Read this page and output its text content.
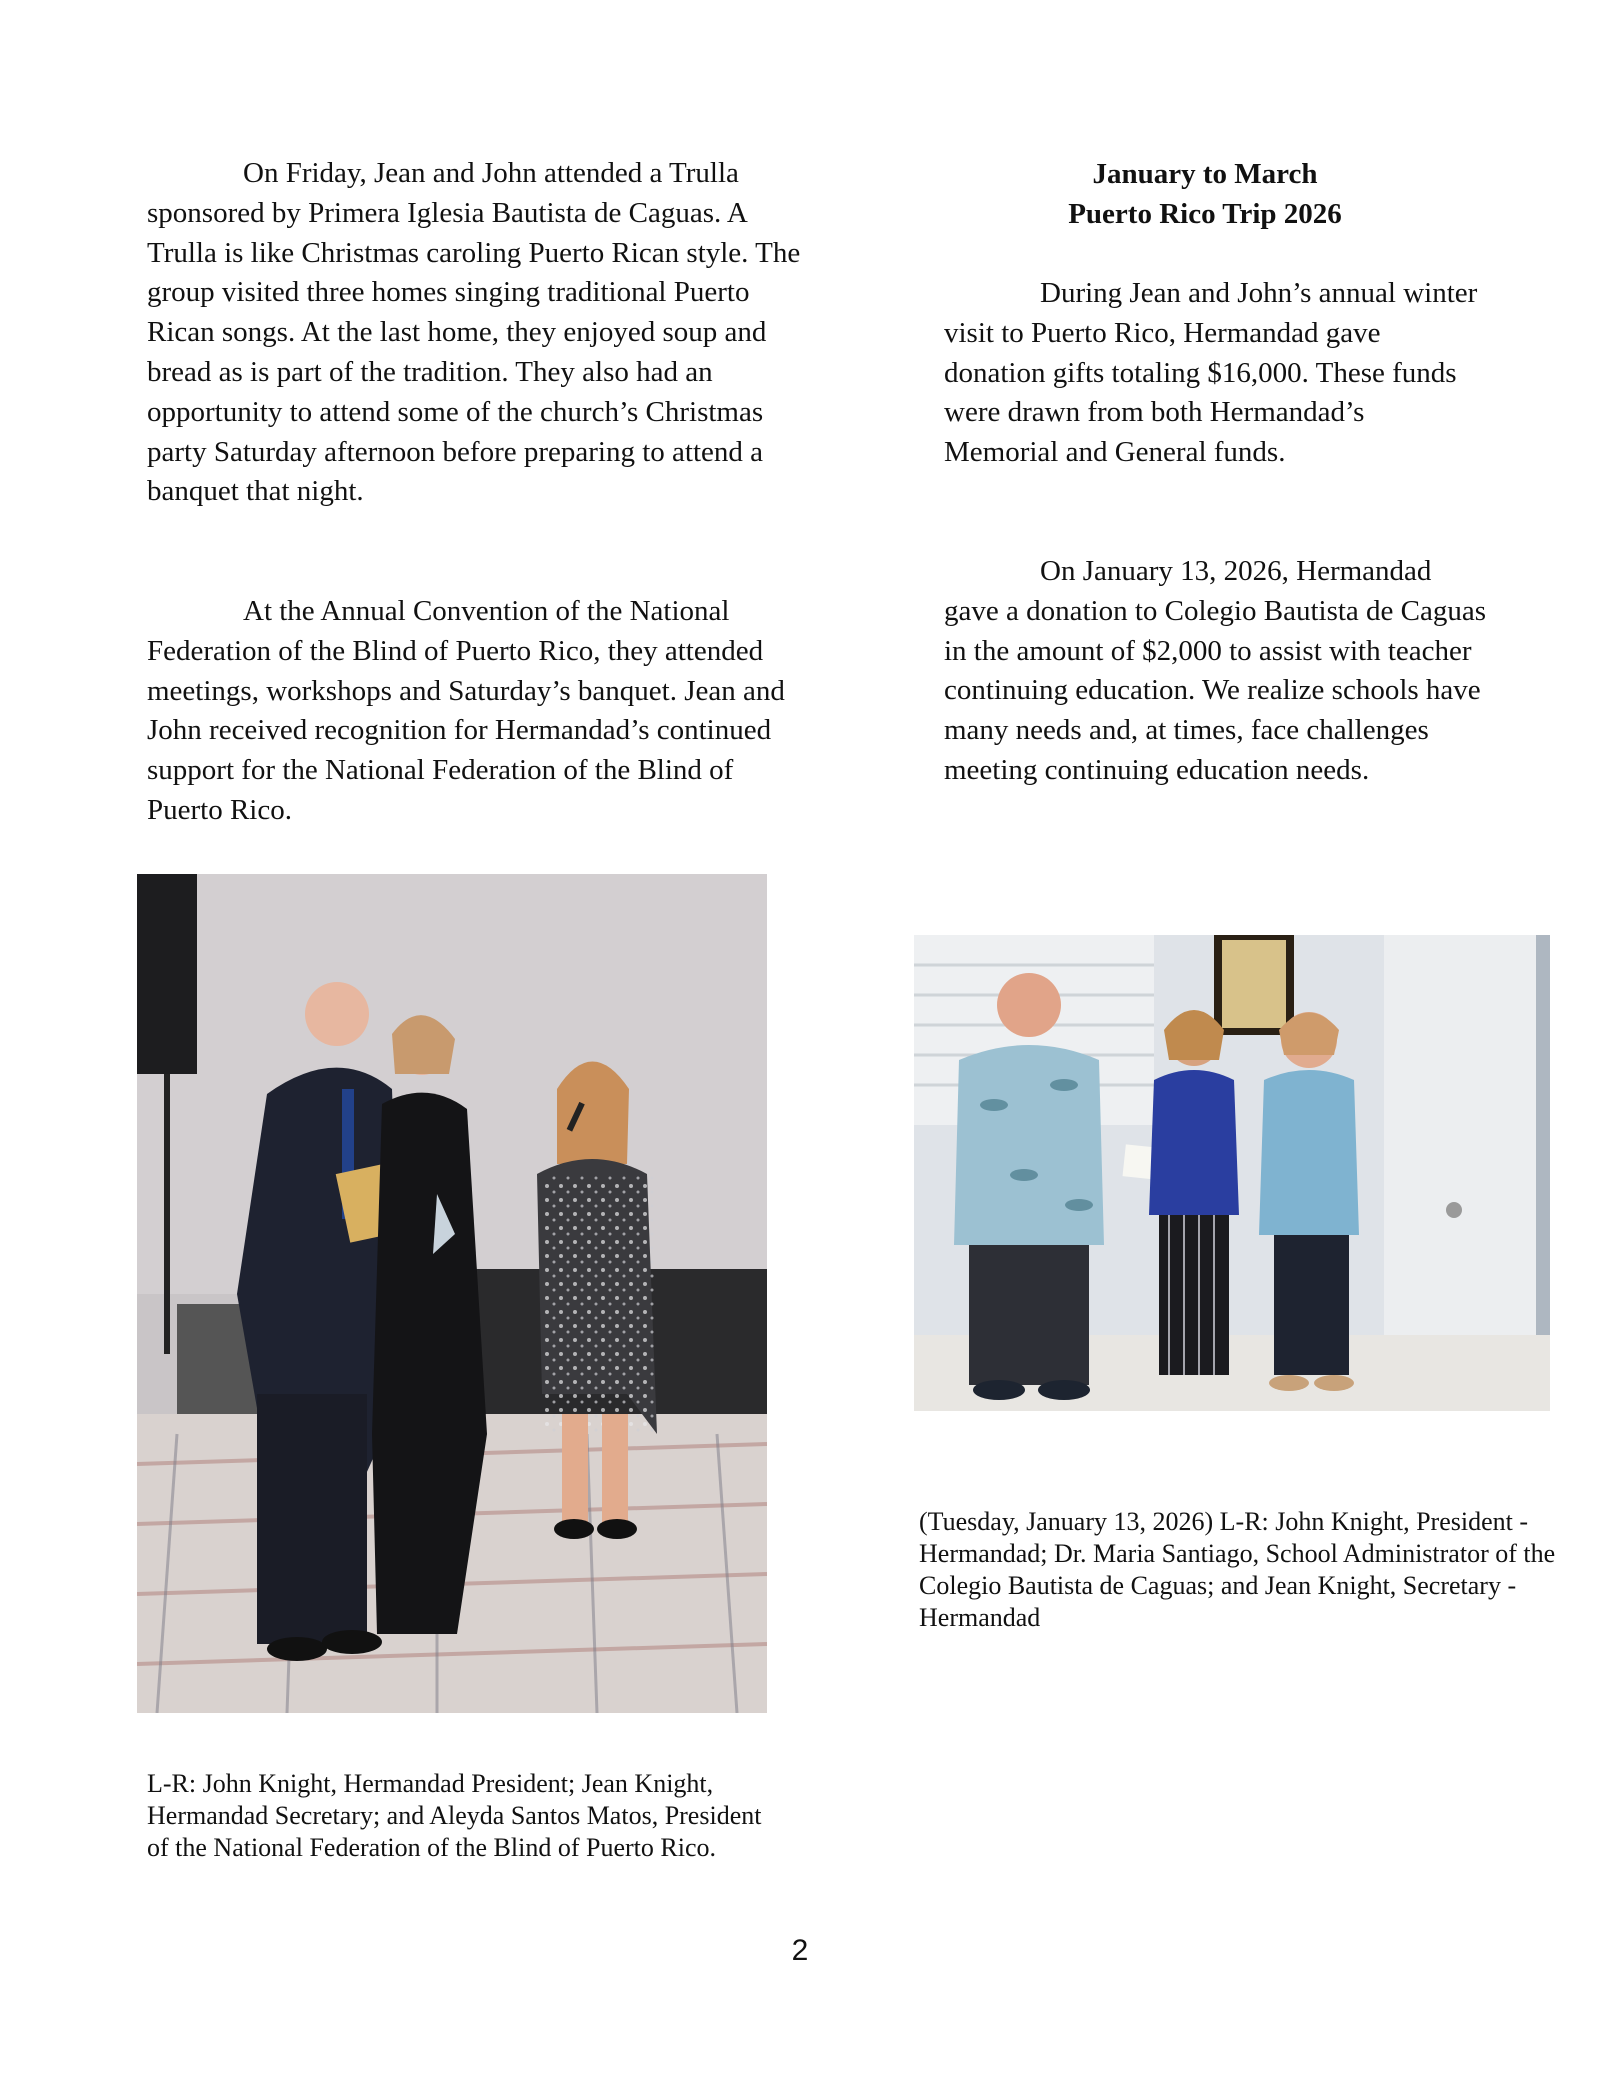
On Friday, Jean and John attended a Trulla sponsored by Primera Iglesia Bautista de Caguas. A Trulla is like Christmas caroling Puerto Rican style. The group visited three homes singing traditional Puerto Rican songs. At the last home, they enjoyed soup and bread as is part of the tradition. They also had an opportunity to attend some of the church’s Christmas party Saturday afternoon before preparing to attend a banquet that night.

At the Annual Convention of the National Federation of the Blind of Puerto Rico, they attended meetings, workshops and Saturday’s banquet. Jean and John received recognition for Hermandad’s continued support for the National Federation of the Blind of Puerto Rico.

L-R: John Knight, Hermandad President; Jean Knight, Hermandad Secretary; and Aleyda Santos Matos, President of the National Federation of the Blind of Puerto Rico.

January to March
Puerto Rico Trip 2026

During Jean and John’s annual winter visit to Puerto Rico, Hermandad gave donation gifts totaling $16,000. These funds were drawn from both Hermandad’s Memorial and General funds.

On January 13, 2026, Hermandad gave a donation to Colegio Bautista de Caguas in the amount of $2,000 to assist with teacher continuing education. We realize schools have many needs and, at times, face challenges meeting continuing education needs.

(Tuesday, January 13, 2026) L-R: John Knight, President - Hermandad; Dr. Maria Santiago, School Administrator of the Colegio Bautista de Caguas; and Jean Knight, Secretary - Hermandad

2
